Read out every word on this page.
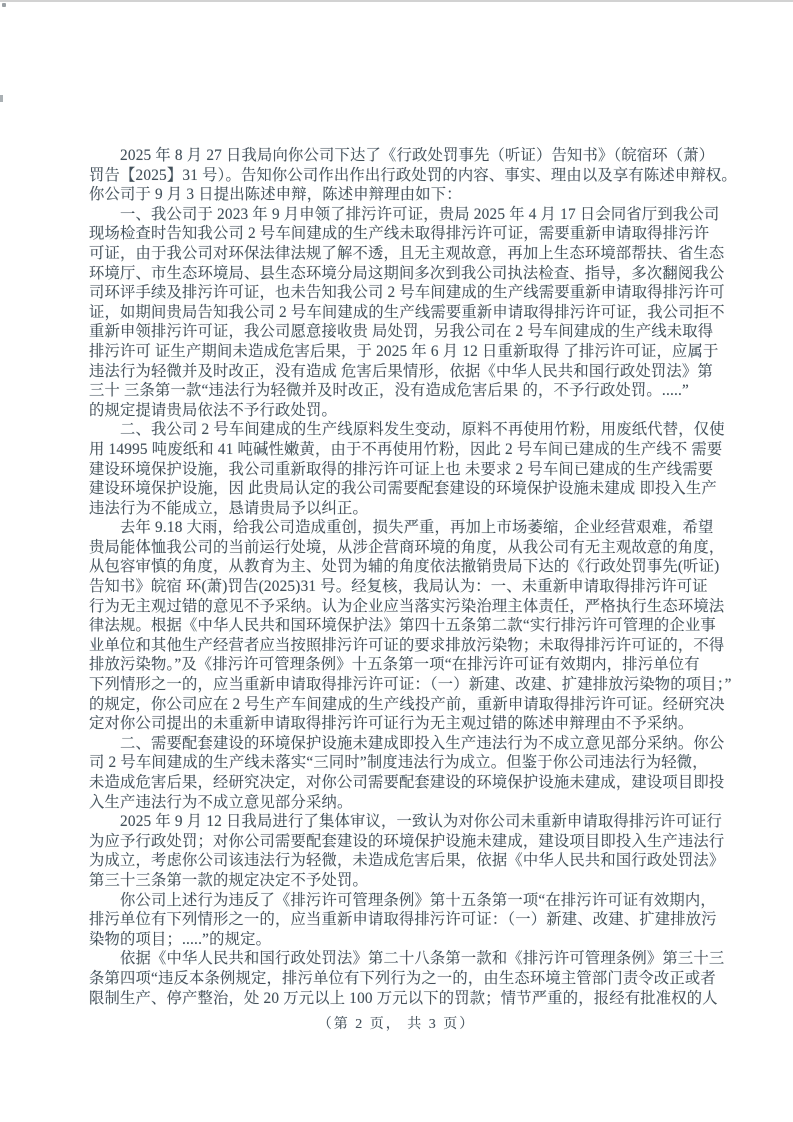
　　2025 年 8 月 27 日我局向你公司下达了《行政处罚事先（听证）告知书》（皖宿环（萧）
罚告【2025】31 号）。告知你公司作出作出行政处罚的内容、事实、理由以及享有陈述申辩权。
你公司于 9 月 3 日提出陈述申辩，陈述申辩理由如下：
　　一、我公司于 2023 年 9 月申领了排污许可证，贵局 2025 年 4 月 17 日会同省厅到我公司
现场检查时告知我公司 2 号车间建成的生产线未取得排污许可证，需要重新申请取得排污许
可证，由于我公司对环保法律法规了解不透，且无主观故意，再加上生态环境部帮扶、省生态
环境厅、市生态环境局、县生态环境分局这期间多次到我公司执法检查、指导，多次翻阅我公
司环评手续及排污许可证，也未告知我公司 2 号车间建成的生产线需要重新申请取得排污许可
证，如期间贵局告知我公司 2 号车间建成的生产线需要重新申请取得排污许可证，我公司拒不
重新申领排污许可证，我公司愿意接收贵 局处罚，另我公司在 2 号车间建成的生产线未取得
排污许可 证生产期间未造成危害后果，于 2025 年 6 月 12 日重新取得 了排污许可证，应属于
违法行为轻微并及时改正，没有造成 危害后果情形，依据《中华人民共和国行政处罚法》第
三十 三条第一款“违法行为轻微并及时改正，没有造成危害后果 的，不予行政处罚。.....”
的规定提请贵局依法不予行政处罚。
　　二、我公司 2 号车间建成的生产线原料发生变动，原料不再使用竹粉，用废纸代替，仅使
用 14995 吨废纸和 41 吨碱性嫩黄，由于不再使用竹粉，因此 2 号车间已建成的生产线不 需要
建设环境保护设施，我公司重新取得的排污许可证上也 未要求 2 号车间已建成的生产线需要
建设环境保护设施，因 此贵局认定的我公司需要配套建设的环境保护设施未建成 即投入生产
违法行为不能成立，恳请贵局予以纠正。
　　去年 9.18 大雨，给我公司造成重创，损失严重，再加上市场萎缩，企业经营艰难，希望
贵局能体恤我公司的当前运行处境，从涉企营商环境的角度，从我公司有无主观故意的角度，
从包容审慎的角度，从教育为主、处罚为辅的角度依法撤销贵局下达的《行政处罚事先(听证)
告知书》皖宿 环(萧)罚告(2025)31 号。经复核，我局认为：一、未重新申请取得排污许可证
行为无主观过错的意见不予采纳。认为企业应当落实污染治理主体责任，严格执行生态环境法
律法规。根据《中华人民共和国环境保护法》第四十五条第二款“实行排污许可管理的企业事
业单位和其他生产经营者应当按照排污许可证的要求排放污染物；未取得排污许可证的，不得
排放污染物。”及《排污许可管理条例》十五条第一项“在排污许可证有效期内，排污单位有
下列情形之一的，应当重新申请取得排污许可证：（一）新建、改建、扩建排放污染物的项目；”
的规定，你公司应在 2 号生产车间建成的生产线投产前，重新申请取得排污许可证。经研究决
定对你公司提出的未重新申请取得排污许可证行为无主观过错的陈述申辩理由不予采纳。
　　二、需要配套建设的环境保护设施未建成即投入生产违法行为不成立意见部分采纳。你公
司 2 号车间建成的生产线未落实“三同时”制度违法行为成立。但鉴于你公司违法行为轻微，
未造成危害后果，经研究决定，对你公司需要配套建设的环境保护设施未建成，建设项目即投
入生产违法行为不成立意见部分采纳。
　　2025 年 9 月 12 日我局进行了集体审议，一致认为对你公司未重新申请取得排污许可证行
为应予行政处罚；对你公司需要配套建设的环境保护设施未建成，建设项目即投入生产违法行
为成立，考虑你公司该违法行为轻微，未造成危害后果，依据《中华人民共和国行政处罚法》
第三十三条第一款的规定决定不予处罚。
　　你公司上述行为违反了《排污许可管理条例》第十五条第一项“在排污许可证有效期内，
排污单位有下列情形之一的，应当重新申请取得排污许可证：（一）新建、改建、扩建排放污
染物的项目；.....”的规定。
　　依据《中华人民共和国行政处罚法》第二十八条第一款和《排污许可管理条例》第三十三
条第四项“违反本条例规定，排污单位有下列行为之一的，由生态环境主管部门责令改正或者
限制生产、停产整治，处 20 万元以上 100 万元以下的罚款；情节严重的，报经有批准权的人
（第 2 页， 共 3 页）
